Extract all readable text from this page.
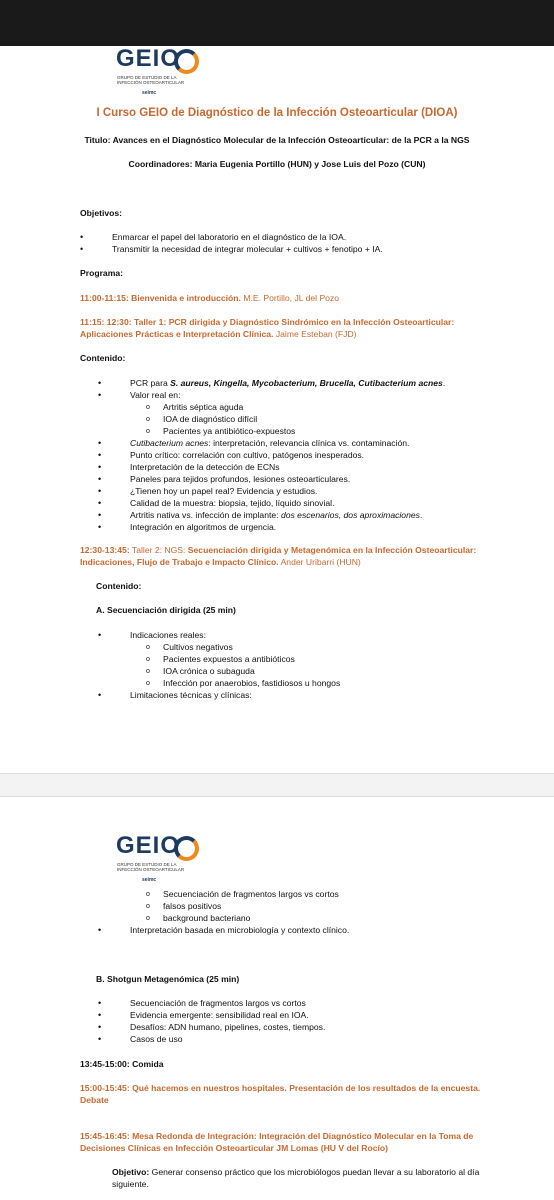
GEIO
GRUPO DE ESTUDIO DE LA INFECCIÓN OSTEOARTICULAR
seimc
I Curso GEIO de Diagnóstico de la Infección Osteoarticular (DIOA)
Titulo: Avances en el Diagnóstico Molecular de la Infección Osteoarticular: de la PCR a la NGS
Coordinadores: Maria Eugenia Portillo (HUN) y Jose Luis del Pozo (CUN)
Objetivos:
• Enmarcar el papel del laboratorio en el diagnóstico de la IOA.
• Transmitir la necesidad de integrar molecular + cultivos + fenotipo + IA.
Programa:
11:00-11:15: Bienvenida e introducción. M.E. Portillo, JL del Pozo
11:15: 12:30: Taller 1: PCR dirigida y Diagnóstico Sindrómico en la Infección Osteoarticular:
Aplicaciones Prácticas e Interpretación Clínica. Jaime Esteban (FJD)
Contenido:
• PCR para S. aureus, Kingella, Mycobacterium, Brucella, Cutibacterium acnes.
• Valor real en:
o Artritis séptica aguda
o IOA de diagnóstico difícil
o Pacientes ya antibiótico-expuestos
• Cutibacterium acnes: interpretación, relevancia clínica vs. contaminación.
• Punto crítico: correlación con cultivo, patógenos inesperados.
• Interpretación de la detección de ECNs
• Paneles para tejidos profundos, lesiones osteoarticulares.
• ¿Tienen hoy un papel real? Evidencia y estudios.
• Calidad de la muestra: biopsia, tejido, líquido sinovial.
• Artritis nativa vs. infección de implante: dos escenarios, dos aproximaciones.
• Integración en algoritmos de urgencia.
12:30-13:45: Taller 2: NGS: Secuenciación dirigida y Metagenómica en la Infección Osteoarticular:
Indicaciones, Flujo de Trabajo e Impacto Clínico. Ander Uribarri (HUN)
Contenido:
A. Secuenciación dirigida (25 min)
• Indicaciones reales:
o Cultivos negativos
o Pacientes expuestos a antibióticos
o IOA crónica o subaguda
o Infección por anaerobios, fastidiosos u hongos
• Limitaciones técnicas y clínicas:
GEIO
GRUPO DE ESTUDIO DE LA INFECCIÓN OSTEOARTICULAR
seimc
o Secuenciación de fragmentos largos vs cortos
o falsos positivos
o background bacteriano
• Interpretación basada en microbiología y contexto clínico.
B. Shotgun Metagenómica (25 min)
• Secuenciación de fragmentos largos vs cortos
• Evidencia emergente: sensibilidad real en IOA.
• Desafíos: ADN humano, pipelines, costes, tiempos.
• Casos de uso
13:45-15:00: Comida
15:00-15:45: Qué hacemos en nuestros hospitales. Presentación de los resultados de la encuesta.
Debate
15:45-16:45: Mesa Redonda de Integración: Integración del Diagnóstico Molecular en la Toma de
Decisiones Clínicas en Infección Osteoarticular JM Lomas (HU V del Rocío)
Objetivo: Generar consenso práctico que los microbiólogos puedan llevar a su laboratorio al día
siguiente.
